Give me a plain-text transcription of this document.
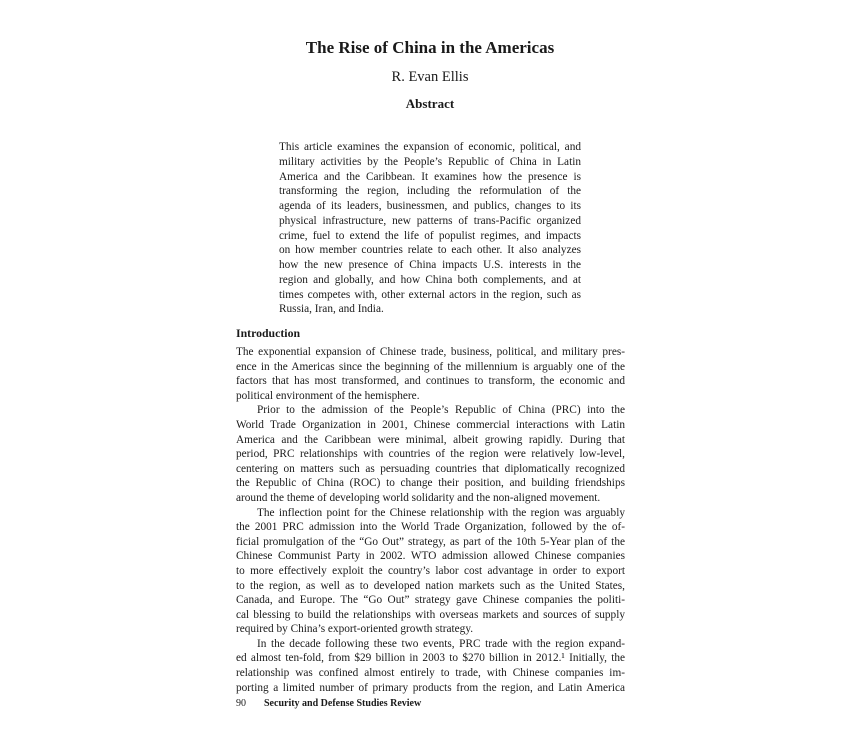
The Rise of China in the Americas
R. Evan Ellis
Abstract
This article examines the expansion of economic, political, and
military activities by the People’s Republic of China in Latin
America and the Caribbean. It examines how the presence is
transforming the region, including the reformulation of the
agenda of its leaders, businessmen, and publics, changes to its
physical infrastructure, new patterns of trans-Pacific organized
crime, fuel to extend the life of populist regimes, and impacts
on how member countries relate to each other. It also analyzes
how the new presence of China impacts U.S. interests in the
region and globally, and how China both complements, and at
times competes with, other external actors in the region, such as
Russia, Iran, and India.
Introduction
The exponential expansion of Chinese trade, business, political, and military pres-
ence in the Americas since the beginning of the millennium is arguably one of the
factors that has most transformed, and continues to transform, the economic and
political environment of the hemisphere.
Prior to the admission of the People’s Republic of China (PRC) into the
World Trade Organization in 2001, Chinese commercial interactions with Latin
America and the Caribbean were minimal, albeit growing rapidly. During that
period, PRC relationships with countries of the region were relatively low-level,
centering on matters such as persuading countries that diplomatically recognized
the Republic of China (ROC) to change their position, and building friendships
around the theme of developing world solidarity and the non-aligned movement.
The inflection point for the Chinese relationship with the region was arguably
the 2001 PRC admission into the World Trade Organization, followed by the of-
ficial promulgation of the “Go Out” strategy, as part of the 10th 5-Year plan of the
Chinese Communist Party in 2002. WTO admission allowed Chinese companies
to more effectively exploit the country’s labor cost advantage in order to export
to the region, as well as to developed nation markets such as the United States,
Canada, and Europe. The “Go Out” strategy gave Chinese companies the politi-
cal blessing to build the relationships with overseas markets and sources of supply
required by China’s export-oriented growth strategy.
In the decade following these two events, PRC trade with the region expand-
ed almost ten-fold, from $29 billion in 2003 to $270 billion in 2012.¹ Initially, the
relationship was confined almost entirely to trade, with Chinese companies im-
porting a limited number of primary products from the region, and Latin America
90 Security and Defense Studies Review
